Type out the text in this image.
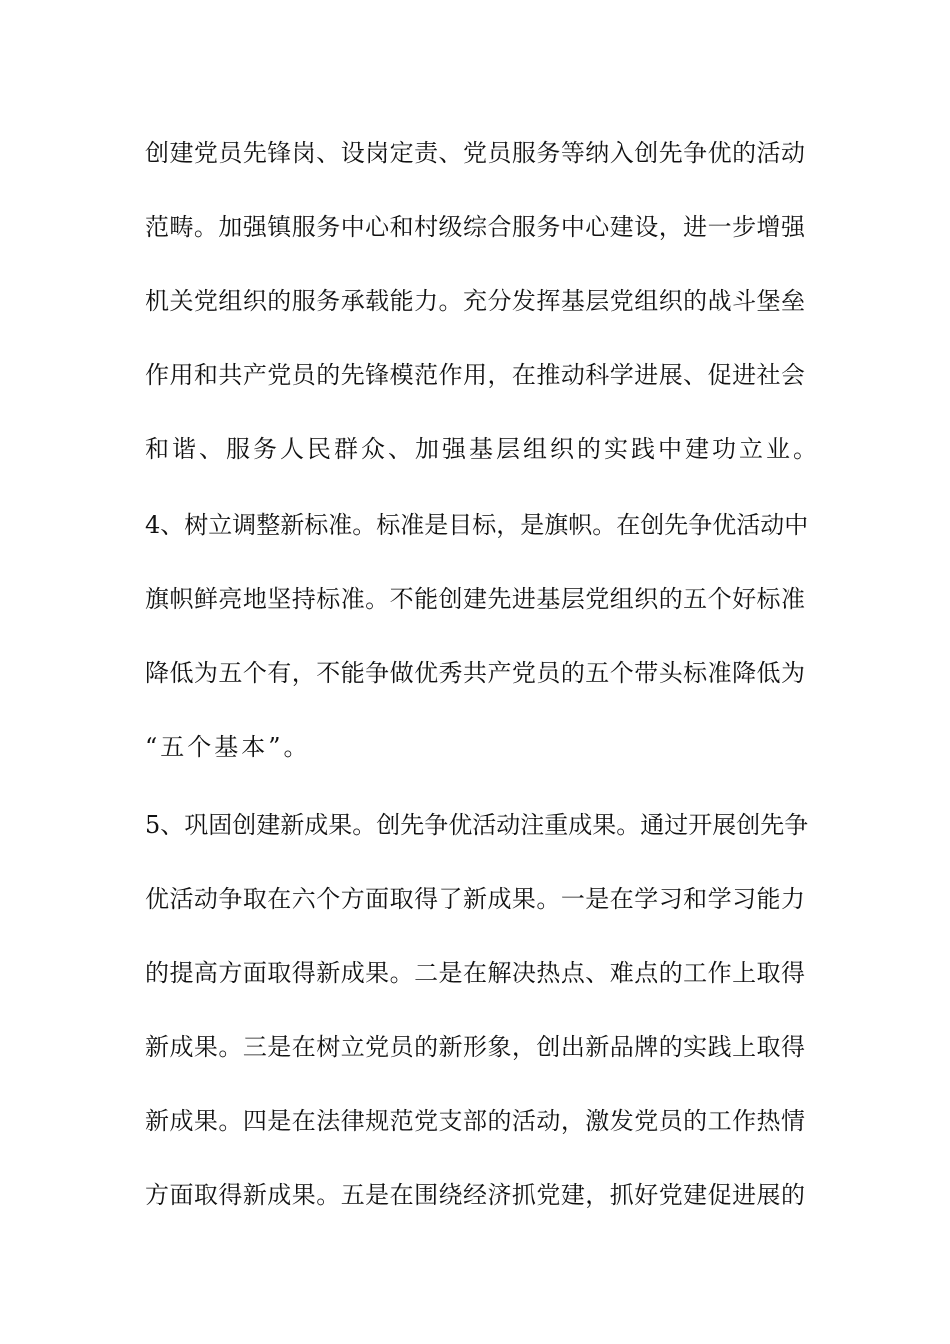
创建党员先锋岗、设岗定责、党员服务等纳入创先争优的活动
范畴。加强镇服务中心和村级综合服务中心建设，进一步增强
机关党组织的服务承载能力。充分发挥基层党组织的战斗堡垒
作用和共产党员的先锋模范作用，在推动科学进展、促进社会
和谐、服务人民群众、加强基层组织的实践中建功立业。
4、树立调整新标准。标准是目标，是旗帜。在创先争优活动中
旗帜鲜亮地坚持标准。不能创建先进基层党组织的五个好标准
降低为五个有，不能争做优秀共产党员的五个带头标准降低为
“五个基本”。
5、巩固创建新成果。创先争优活动注重成果。通过开展创先争
优活动争取在六个方面取得了新成果。一是在学习和学习能力
的提高方面取得新成果。二是在解决热点、难点的工作上取得
新成果。三是在树立党员的新形象，创出新品牌的实践上取得
新成果。四是在法律规范党支部的活动，激发党员的工作热情
方面取得新成果。五是在围绕经济抓党建，抓好党建促进展的
